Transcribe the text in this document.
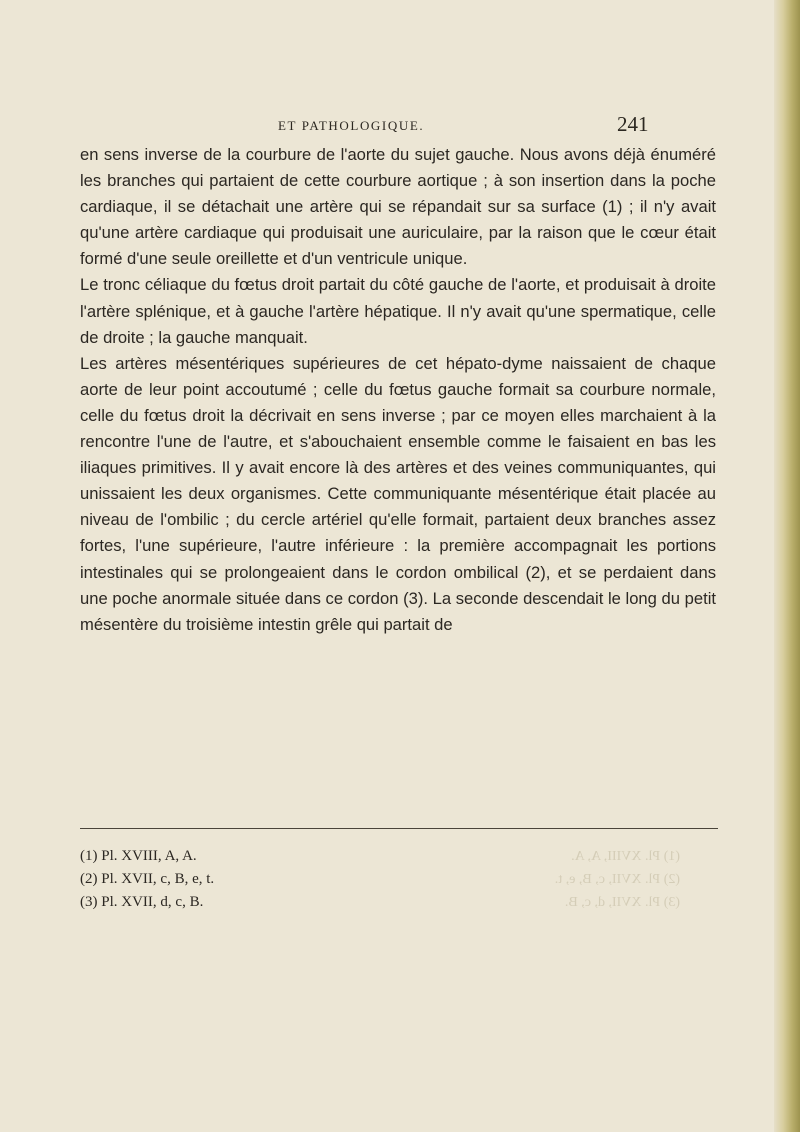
ET PATHOLOGIQUE.	241

en sens inverse de la courbure de l'aorte du sujet gauche. Nous avons déjà énuméré les branches qui partaient de cette courbure aortique ; à son insertion dans la poche cardiaque, il se détachait une artère qui se répandait sur sa surface (1) ; il n'y avait qu'une artère cardiaque qui produisait une auriculaire, par la raison que le cœur était formé d'une seule oreillette et d'un ventricule unique.

Le tronc céliaque du fœtus droit partait du côté gauche de l'aorte, et produisait à droite l'artère splénique, et à gauche l'artère hépatique. Il n'y avait qu'une spermatique, celle de droite ; la gauche manquait.

Les artères mésentériques supérieures de cet hépato-dyme naissaient de chaque aorte de leur point accoutumé ; celle du fœtus gauche formait sa courbure normale, celle du fœtus droit la décrivait en sens inverse ; par ce moyen elles marchaient à la rencontre l'une de l'autre, et s'abouchaient ensemble comme le faisaient en bas les iliaques primitives. Il y avait encore là des artères et des veines communiquantes, qui unissaient les deux organismes. Cette communiquante mésentérique était placée au niveau de l'ombilic ; du cercle artériel qu'elle formait, partaient deux branches assez fortes, l'une supérieure, l'autre inférieure : la première accompagnait les portions intestinales qui se prolongeaient dans le cordon ombilical (2), et se perdaient dans une poche anormale située dans ce cordon (3). La seconde descendait le long du petit mésentère du troisième intestin grêle qui partait de

(1) Pl. XVIII, A, A.
(2) Pl. XVII, c, B, e, t.
(3) Pl. XVII, d, c, B.
(1) Pl. XVIII, A, A.
(2) Pl. XVII, c, B, e, t.
(3) Pl. XVII, d, c, B.
